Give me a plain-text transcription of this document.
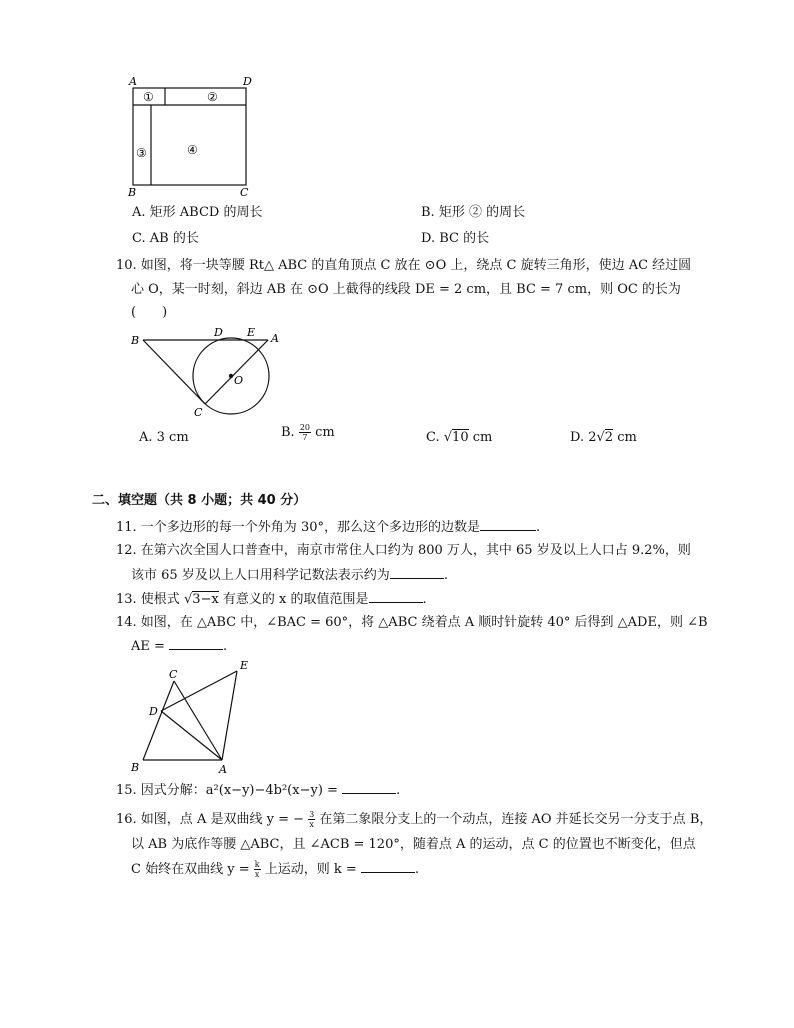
A	D
B	C
①	②
③	④
A. 矩形 ABCD 的周长	B. 矩形 ② 的周长
C. AB 的长	D. BC 的长
10. 如图，将一块等腰 Rt△ ABC 的直角顶点 C 放在 ⊙O 上，绕点 C 旋转三角形，使边 AC 经过圆
心 O，某一时刻，斜边 AB 在 ⊙O 上截得的线段 DE = 2 cm，且 BC = 7 cm，则 OC 的长为
(　　)
B
D E A
O
C
A. 3 cm	B. $\frac{20}{7}$ cm	C. √10 cm	D. 2√2 cm
二、填空题（共 8 小题；共 40 分）
11. 一个多边形的每一个外角为 30°，那么这个多边形的边数是	.
12. 在第六次全国人口普查中，南京市常住人口约为 800 万人，其中 65 岁及以上人口占 9.2%，则
该市 65 岁及以上人口用科学记数法表示约为	.
13. 使根式 √3−x 有意义的 x 的取值范围是	.
14. 如图，在 △ABC 中，∠BAC = 60°，将 △ABC 绕着点 A 顺时针旋转 40° 后得到 △ADE，则 ∠B
AE =	.
C
E
D
B	A
15. 因式分解：a²(x−y)−4b²(x−y) =	.
16. 如图，点 A 是双曲线 y = − $\frac{3}{x}$ 在第二象限分支上的一个动点，连接 AO 并延长交另一分支于点 B，
以 AB 为底作等腰 △ABC，且 ∠ACB = 120°，随着点 A 的运动，点 C 的位置也不断变化，但点
C 始终在双曲线 $y = \frac{k}{x}$ 上运动，则 k =	.
